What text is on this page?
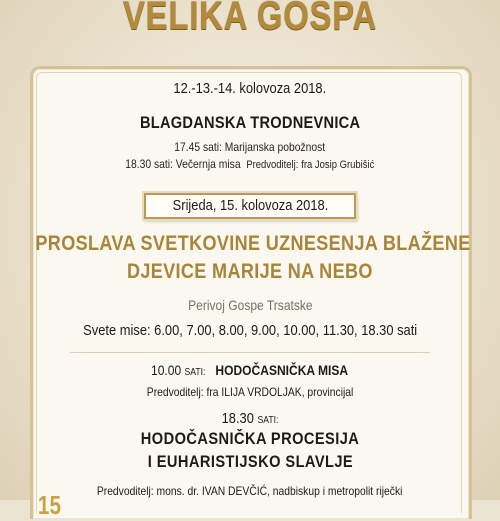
VELIKA GOSPA
12.-13.-14. kolovoza 2018.
BLAGDANSKA TRODNEVNICA
17.45 sati: Marijanska pobožnost
18.30 sati: Večernja misa Predvoditelj: fra Josip Grubišić
Srijeda, 15. kolovoza 2018.
PROSLAVA SVETKOVINE UZNESENJA BLAŽENE
DJEVICE MARIJE NA NEBO
Perivoj Gospe Trsatske
Svete mise: 6.00, 7.00, 8.00, 9.00, 10.00, 11.30, 18.30 sati
10.00 SATI: HODOČASNIČKA MISA
Predvoditelj: fra ILIJA VRDOLJAK, provincijal
18.30 SATI:
HODOČASNIČKA PROCESIJA
I EUHARISTIJSKO SLAVLJE
Predvoditelj: mons. dr. IVAN DEVČIĆ, nadbiskup i metropolit riječki
15
